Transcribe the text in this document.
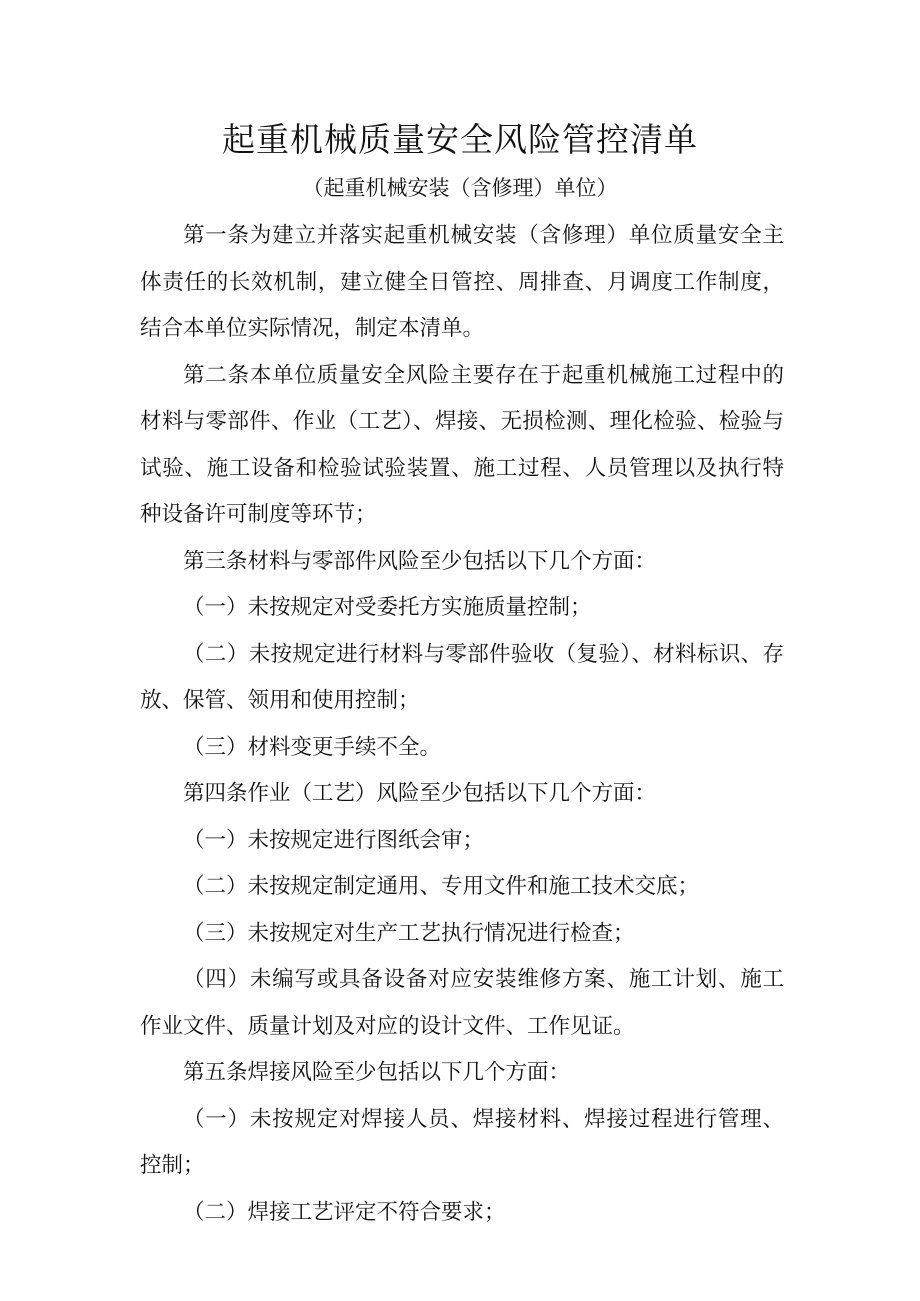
起重机械质量安全风险管控清单
（起重机械安装（含修理）单位）

第一条为建立并落实起重机械安装（含修理）单位质量安全主体责任的长效机制，建立健全日管控、周排查、月调度工作制度，结合本单位实际情况，制定本清单。

第二条本单位质量安全风险主要存在于起重机械施工过程中的材料与零部件、作业（工艺）、焊接、无损检测、理化检验、检验与试验、施工设备和检验试验装置、施工过程、人员管理以及执行特种设备许可制度等环节；

第三条材料与零部件风险至少包括以下几个方面：

（一）未按规定对受委托方实施质量控制；

（二）未按规定进行材料与零部件验收（复验）、材料标识、存放、保管、领用和使用控制；

（三）材料变更手续不全。

第四条作业（工艺）风险至少包括以下几个方面：

（一）未按规定进行图纸会审；

（二）未按规定制定通用、专用文件和施工技术交底；

（三）未按规定对生产工艺执行情况进行检查；

（四）未编写或具备设备对应安装维修方案、施工计划、施工作业文件、质量计划及对应的设计文件、工作见证。

第五条焊接风险至少包括以下几个方面：

（一）未按规定对焊接人员、焊接材料、焊接过程进行管理、控制；

（二）焊接工艺评定不符合要求；
